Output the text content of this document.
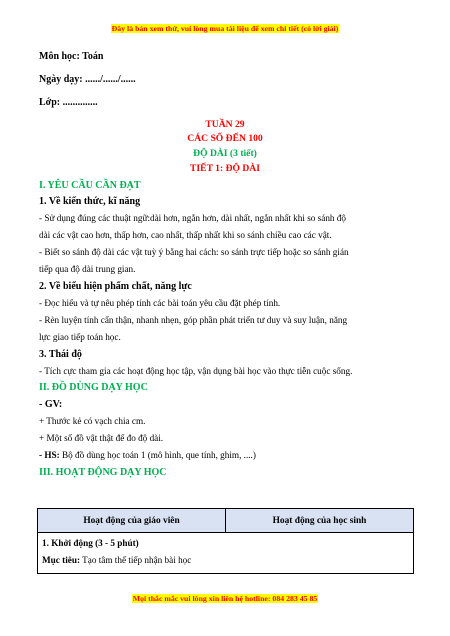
Đây là bản xem thử, vui lòng mua tài liệu để xem chi tiết (có lời giải)
Môn học: Toán
Ngày dạy: ....../....../......
Lớp: ..............
TUẦN 29
CÁC SỐ ĐẾN 100
ĐỘ DÀI (3 tiết)
TIẾT 1: ĐỘ DÀI
I. YÊU CẦU CẦN ĐẠT
1. Về kiến thức, kĩ năng
- Sử dụng đúng các thuật ngữ:dài hơn, ngắn hơn, dài nhất, ngắn nhất khi so sánh độ
dài các vật cao hơn, thấp hơn, cao nhất, thấp nhất khi so sánh chiều cao các vật.
- Biết so sánh độ dài các vật tuỳ ý bằng hai cách: so sánh trực tiếp hoặc so sánh gián
tiếp qua độ dài trung gian.
2. Về biểu hiện phẩm chất, năng lực
- Đọc hiểu và tự nêu phép tính các bài toán yêu cầu đặt phép tính.
- Rèn luyện tính cẩn thận, nhanh nhẹn, góp phần phát triển tư duy và suy luận, năng
lực giao tiếp toán học.
3. Thái độ
- Tích cực tham gia các hoạt động học tập, vận dụng bài học vào thực tiễn cuộc sống.
II. ĐỒ DÙNG DẠY HỌC
- GV:
+ Thước kẻ có vạch chia cm.
+ Một số đồ vật thật để đo độ dài.
- HS: Bộ đồ dùng học toán 1 (mô hình, que tính, ghim, ....)
III. HOẠT ĐỘNG DẠY HỌC
Hoạt động của giáo viên	Hoạt động của học sinh
1. Khởi động (3 - 5 phút)
Mục tiêu: Tạo tâm thế tiếp nhận bài học
Mọi thắc mắc vui lòng xin liên hệ hotline: 084 283 45 85
